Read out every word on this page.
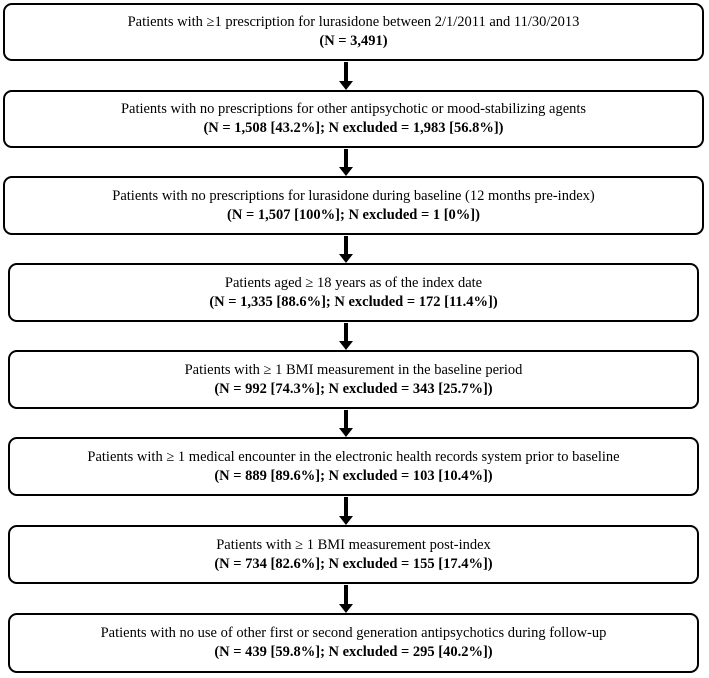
Patients with ≥1 prescription for lurasidone between 2/1/2011 and 11/30/2013
(N = 3,491)
Patients with no prescriptions for other antipsychotic or mood-stabilizing agents
(N = 1,508 [43.2%]; N excluded = 1,983 [56.8%])
Patients with no prescriptions for lurasidone during baseline (12 months pre-index)
(N = 1,507 [100%]; N excluded = 1 [0%])
Patients aged ≥ 18 years as of the index date
(N = 1,335 [88.6%]; N excluded = 172 [11.4%])
Patients with ≥ 1 BMI measurement in the baseline period
(N = 992 [74.3%]; N excluded = 343 [25.7%])
Patients with ≥ 1 medical encounter in the electronic health records system prior to baseline
(N = 889 [89.6%]; N excluded = 103 [10.4%])
Patients with ≥ 1 BMI measurement post-index
(N = 734 [82.6%]; N excluded = 155 [17.4%])
Patients with no use of other first or second generation antipsychotics during follow-up
(N = 439 [59.8%]; N excluded = 295 [40.2%])
